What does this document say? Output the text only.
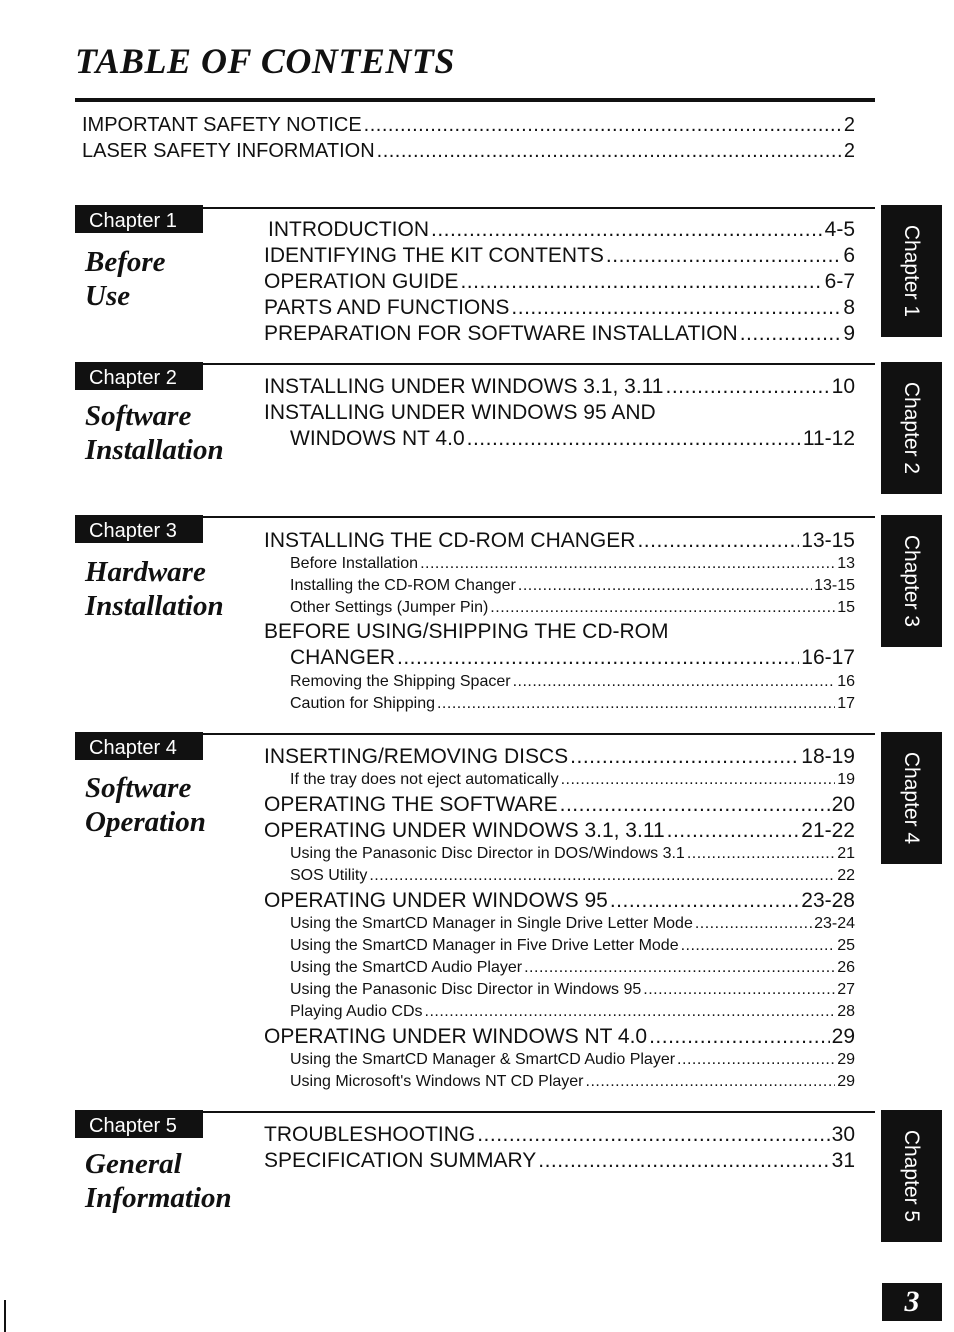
TABLE OF CONTENTS
IMPORTANT SAFETY NOTICE .....	2
LASER SAFETY INFORMATION .....	2
Chapter 1
Before
Use
INTRODUCTION .....	4-5
IDENTIFYING THE KIT CONTENTS .....	6
OPERATION GUIDE .....	6-7
PARTS AND FUNCTIONS .....	8
PREPARATION FOR SOFTWARE INSTALLATION .....	9
Chapter 1
Chapter 2
Software
Installation
INSTALLING UNDER WINDOWS 3.1, 3.11 .....	10
INSTALLING UNDER WINDOWS 95 AND
WINDOWS NT 4.0 .....	11-12 Chapter 2
Chapter 3
Hardware
Installation
INSTALLING THE CD-ROM CHANGER .....	13-15
Before Installation .....	13
Installing the CD-ROM Changer .....	13-15
Other Settings (Jumper Pin) .....	15
BEFORE USING/SHIPPING THE CD-ROM
CHANGER .....	16-17
Removing the Shipping Spacer .....	16
Caution for Shipping .....	17
Chapter 3
Chapter 4
Software
Operation
INSERTING/REMOVING DISCS .....	18-19
If the tray does not eject automatically .....	19
OPERATING THE SOFTWARE .....	20
OPERATING UNDER WINDOWS 3.1, 3.11 .....	21-22
Using the Panasonic Disc Director in DOS/Windows 3.1 .....	21
SOS Utility .....	22
OPERATING UNDER WINDOWS 95 .....	23-28
Using the SmartCD Manager in Single Drive Letter Mode .....	23-24
Using the SmartCD Manager in Five Drive Letter Mode .....	25
Using the SmartCD Audio Player .....	26
Using the Panasonic Disc Director in Windows 95 .....	27
Playing Audio CDs .....	28
OPERATING UNDER WINDOWS NT 4.0 .....	29
Using the SmartCD Manager & SmartCD Audio Player .....	29
Using Microsoft's Windows NT CD Player .....	29
Chapter 4
Chapter 5
General
Information
TROUBLESHOOTING .....	30
SPECIFICATION SUMMARY .....	31 Chapter 5
3
